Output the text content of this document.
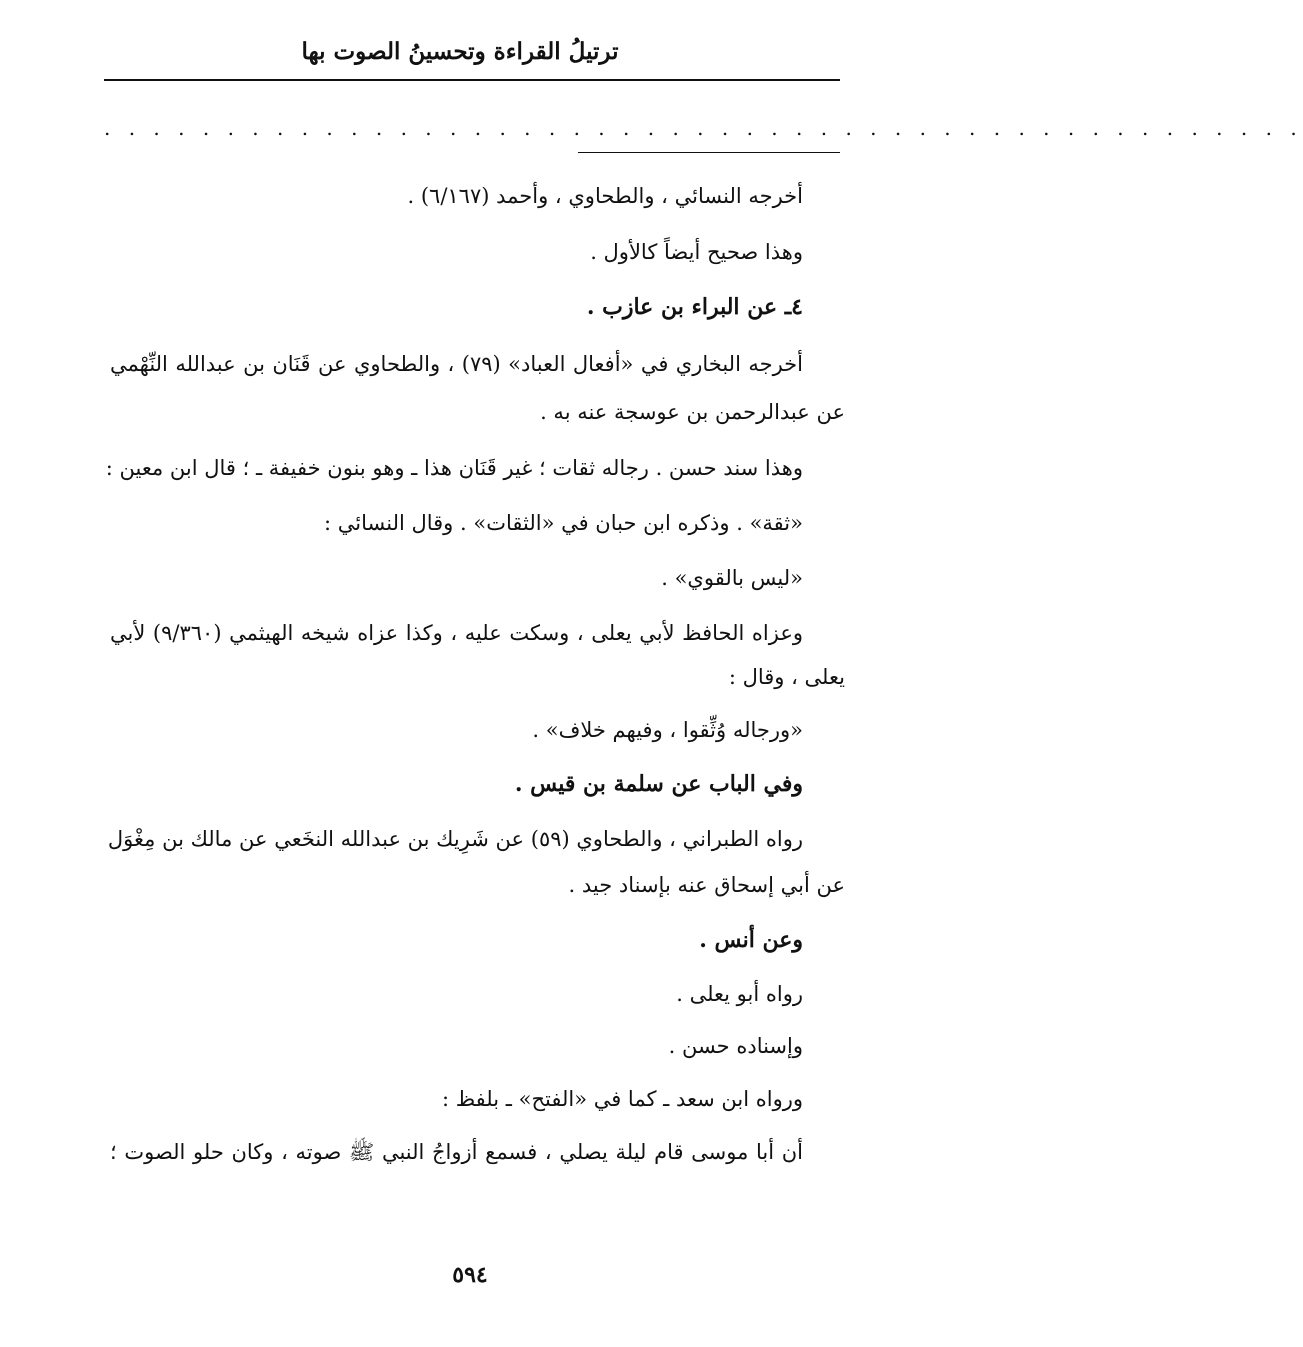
ترتيلُ القراءة وتحسينُ الصوت بها
. . . . . . . . . . . . . . . . . . . . . . . . . . . . . . . . . . . . . . . . . . . . . . . . .
أخرجه النسائي ، والطحاوي ، وأحمد (٦/١٦٧) .
وهذا صحيح أيضاً كالأول .
٤ـ عن البراء بن عازب .
أخرجه البخاري في «أفعال العباد» (٧٩) ، والطحاوي عن قَنَان بن عبدالله النِّهْمي
عن عبدالرحمن بن عوسجة عنه به .
وهذا سند حسن . رجاله ثقات ؛ غير قَنَان هذا ـ وهو بنون خفيفة ـ ؛ قال ابن معين :
«ثقة» . وذكره ابن حبان في «الثقات» . وقال النسائي :
«ليس بالقوي» .
وعزاه الحافظ لأبي يعلى ، وسكت عليه ، وكذا عزاه شيخه الهيثمي (٩/٣٦٠) لأبي
يعلى ، وقال :
«ورجاله وُثِّقوا ، وفيهم خلاف» .
وفي الباب عن سلمة بن قيس .
رواه الطبراني ، والطحاوي (٥٩) عن شَرِيك بن عبدالله النخَعي عن مالك بن مِغْوَل
عن أبي إسحاق عنه بإسناد جيد .
وعن أنس .
رواه أبو يعلى .
وإسناده حسن .
ورواه ابن سعد ـ كما في «الفتح» ـ بلفظ :
أن أبا موسى قام ليلة يصلي ، فسمع أزواجُ النبي ﷺ صوته ، وكان حلو الصوت ؛
٥٩٤
